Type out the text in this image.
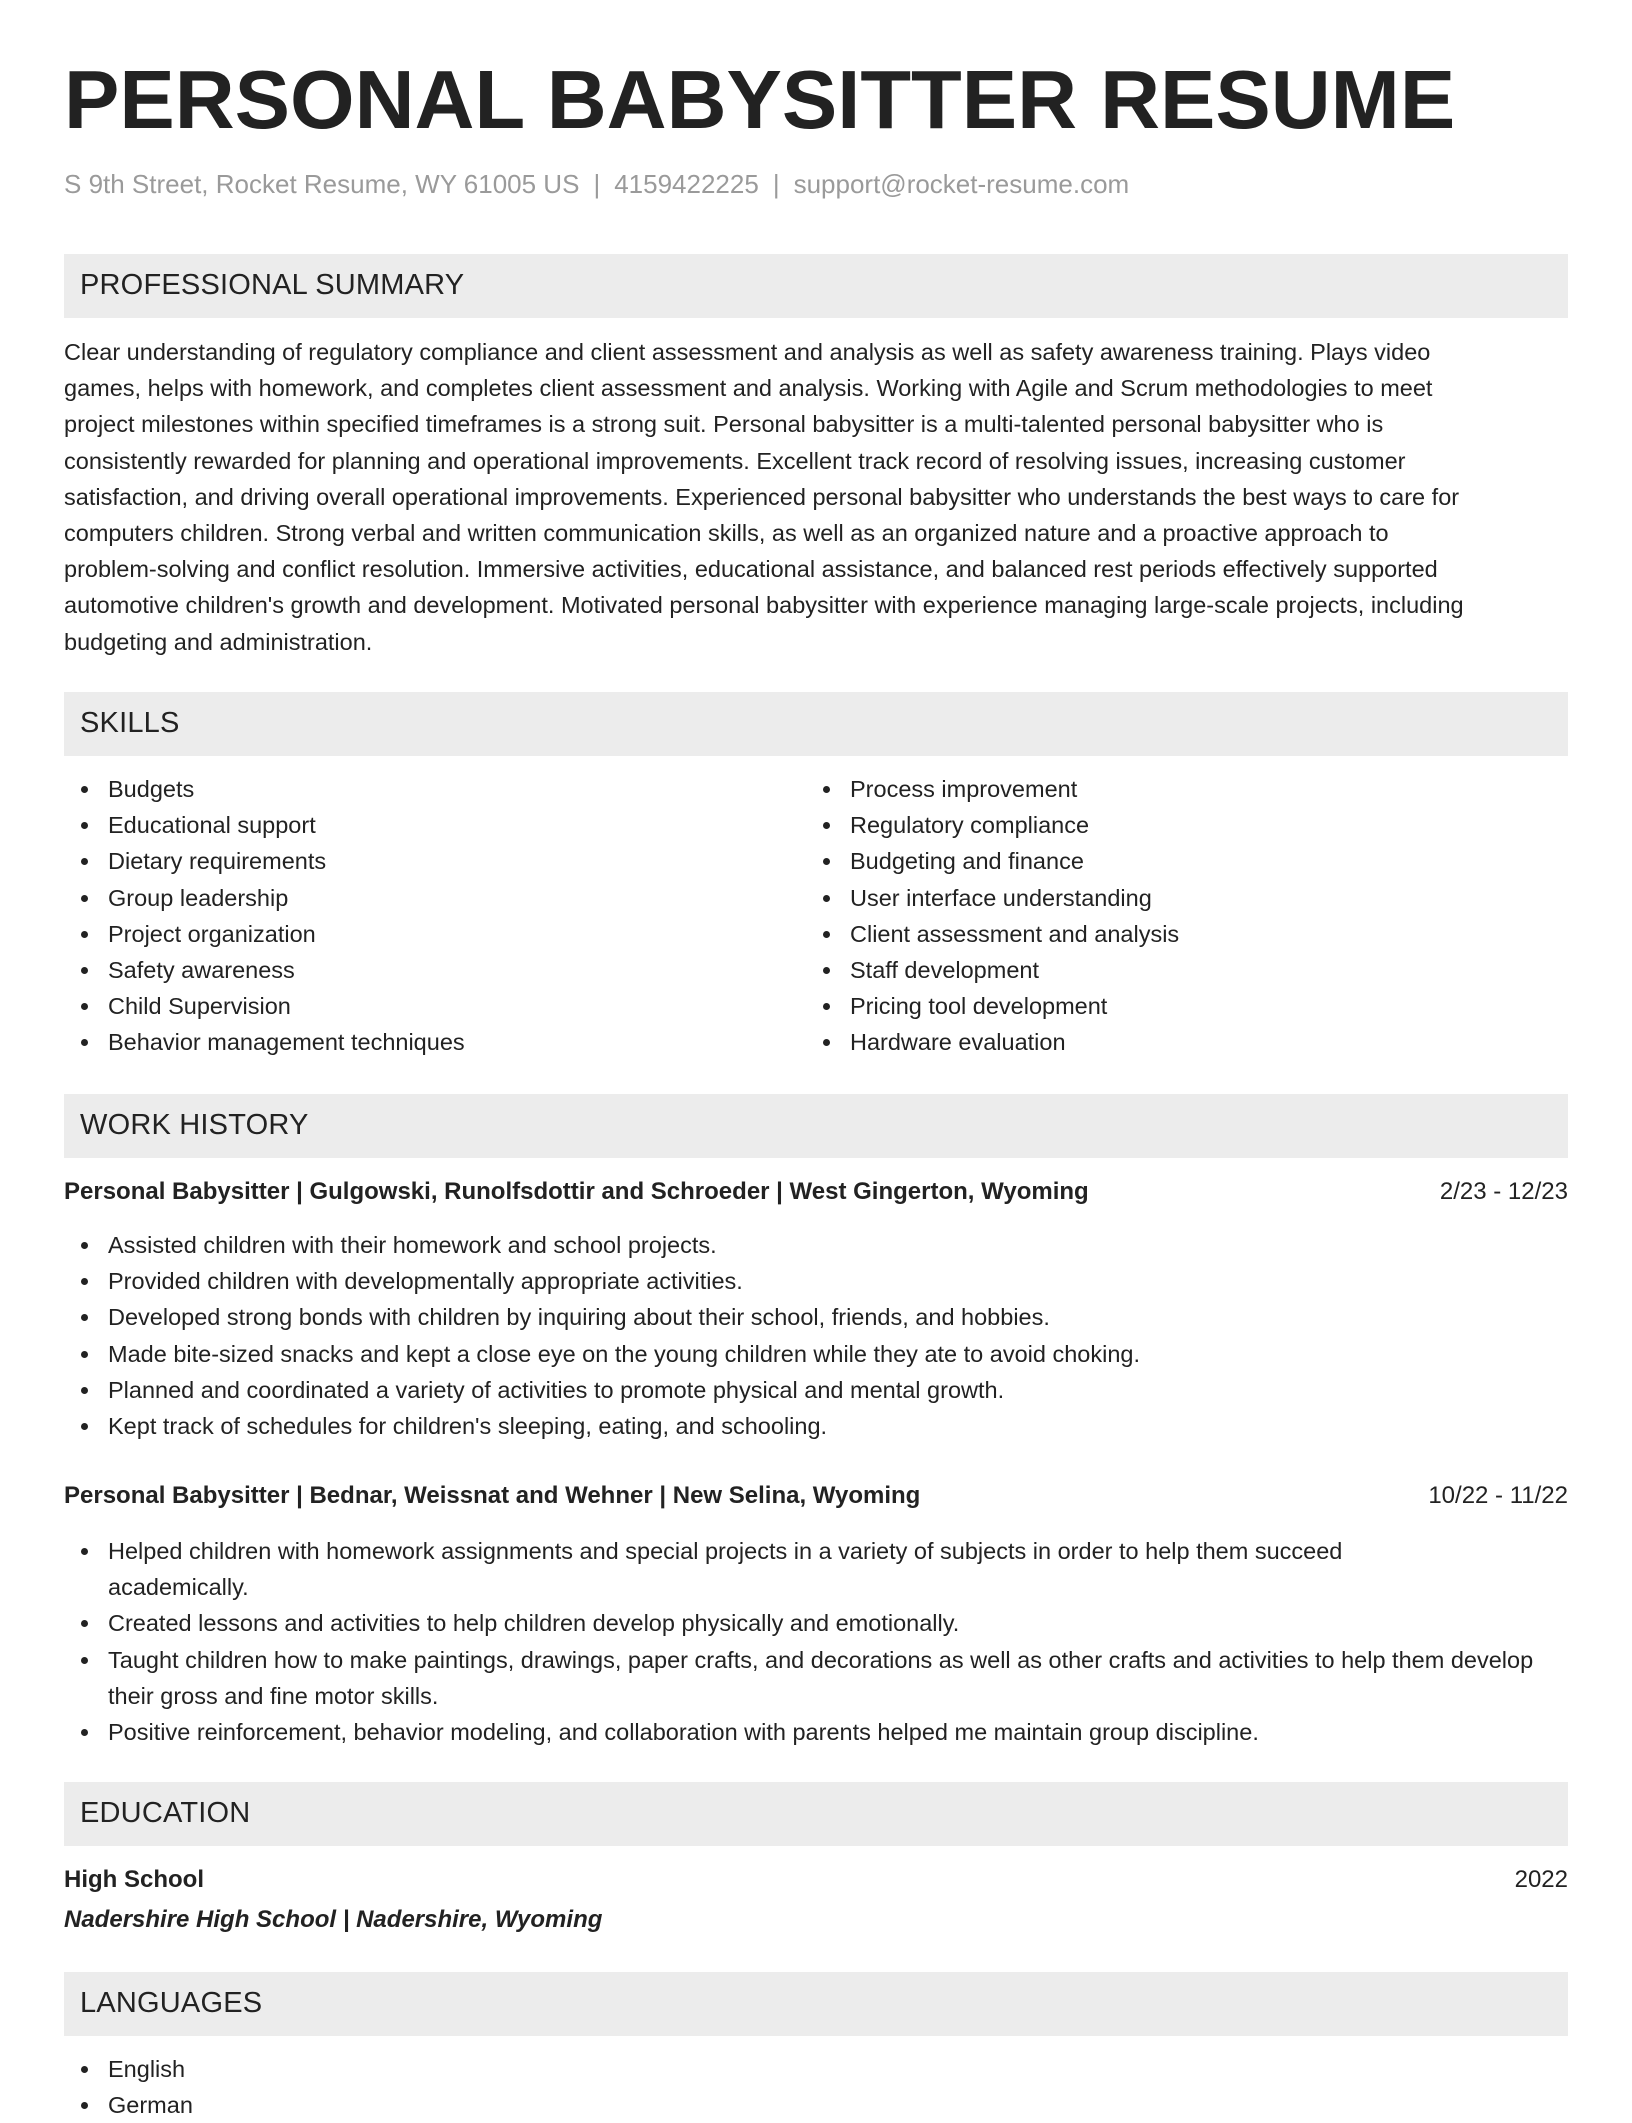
PERSONAL BABYSITTER RESUME
S 9th Street, Rocket Resume, WY 61005 US | 4159422225 | support@rocket-resume.com
PROFESSIONAL SUMMARY
Clear understanding of regulatory compliance and client assessment and analysis as well as safety awareness training. Plays video
games, helps with homework, and completes client assessment and analysis. Working with Agile and Scrum methodologies to meet
project milestones within specified timeframes is a strong suit. Personal babysitter is a multi-talented personal babysitter who is
consistently rewarded for planning and operational improvements. Excellent track record of resolving issues, increasing customer
satisfaction, and driving overall operational improvements. Experienced personal babysitter who understands the best ways to care for
computers children. Strong verbal and written communication skills, as well as an organized nature and a proactive approach to
problem-solving and conflict resolution. Immersive activities, educational assistance, and balanced rest periods effectively supported
automotive children's growth and development. Motivated personal babysitter with experience managing large-scale projects, including
budgeting and administration.
SKILLS
Budgets
Educational support
Dietary requirements
Group leadership
Project organization
Safety awareness
Child Supervision
Behavior management techniques
Process improvement
Regulatory compliance
Budgeting and finance
User interface understanding
Client assessment and analysis
Staff development
Pricing tool development
Hardware evaluation
WORK HISTORY
Personal Babysitter | Gulgowski, Runolfsdottir and Schroeder | West Gingerton, Wyoming	2/23 - 12/23
Assisted children with their homework and school projects.
Provided children with developmentally appropriate activities.
Developed strong bonds with children by inquiring about their school, friends, and hobbies.
Made bite-sized snacks and kept a close eye on the young children while they ate to avoid choking.
Planned and coordinated a variety of activities to promote physical and mental growth.
Kept track of schedules for children's sleeping, eating, and schooling.
Personal Babysitter | Bednar, Weissnat and Wehner | New Selina, Wyoming	10/22 - 11/22
Helped children with homework assignments and special projects in a variety of subjects in order to help them succeed academically.
Created lessons and activities to help children develop physically and emotionally.
Taught children how to make paintings, drawings, paper crafts, and decorations as well as other crafts and activities to help them develop their gross and fine motor skills.
Positive reinforcement, behavior modeling, and collaboration with parents helped me maintain group discipline.
EDUCATION
High School	2022
Nadershire High School | Nadershire, Wyoming
LANGUAGES
English
German
